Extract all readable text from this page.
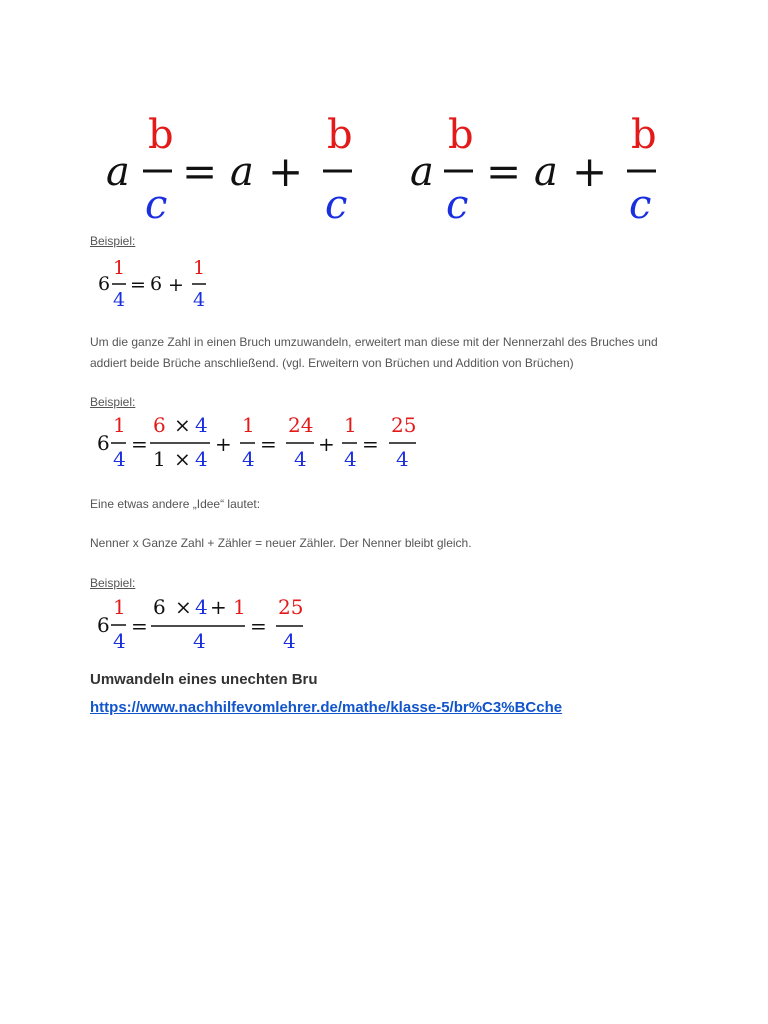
a
b
c
= a +
b
c
a
b
c
= a +
b
c
Beispiel:
6
1
4
= 6 +
1
4
Um die ganze Zahl in einen Bruch umzuwandeln, erweitert man diese mit der Nennerzahl des Bruches und addiert beide Brüche anschließend. (vgl. Erweitern von Brüchen und Addition von Brüchen)
Beispiel:
6
1
4
=
6 × 4
1 × 4
+
1
4
=
24
4
+
1
4
=
25
4
Eine etwas andere „Idee“ lautet:
Nenner x Ganze Zahl + Zähler = neuer Zähler. Der Nenner bleibt gleich.
Beispiel:
6
1
4
=
6 × 4 + 1
4
=
25
4
Umwandeln eines unechten Bru
https://www.nachhilfevomlehrer.de/mathe/klasse-5/br%C3%BCche
